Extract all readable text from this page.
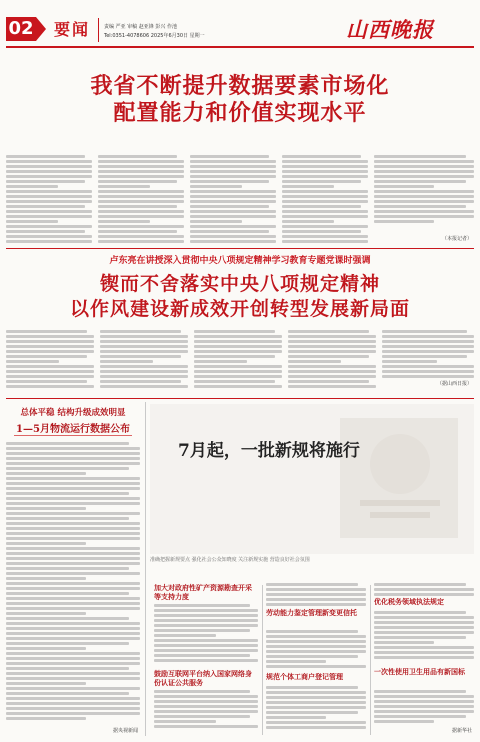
02 要闻	责编 严亚 审稿 赵亚锋 彭兴 作池
Tel:0351-4078606 2025年6月30日 星期一	山西晚报
我省不断提升数据要素市场化
配置能力和价值实现水平
（本报记者）
卢东亮在讲授深入贯彻中央八项规定精神学习教育专题党课时强调
锲而不舍落实中央八项规定精神
以作风建设新成效开创转型发展新局面
（据山西日报）
总体平稳 结构升级成效明显
1—5月物流运行数据公布
据央视新闻
7月起，一批新规将施行
准确把握新规要点 强化社会公众知晓度 关注新规实施 营造良好社会氛围
加大对政府性矿产资源勘查开采等支持力度
鼓励互联网平台纳入国家网络身份认证公共服务
劳动能力鉴定管理新变更信托
规范个体工商户登记管理
优化税务领域执法规定
一次性使用卫生用品有新国标
据新华社
